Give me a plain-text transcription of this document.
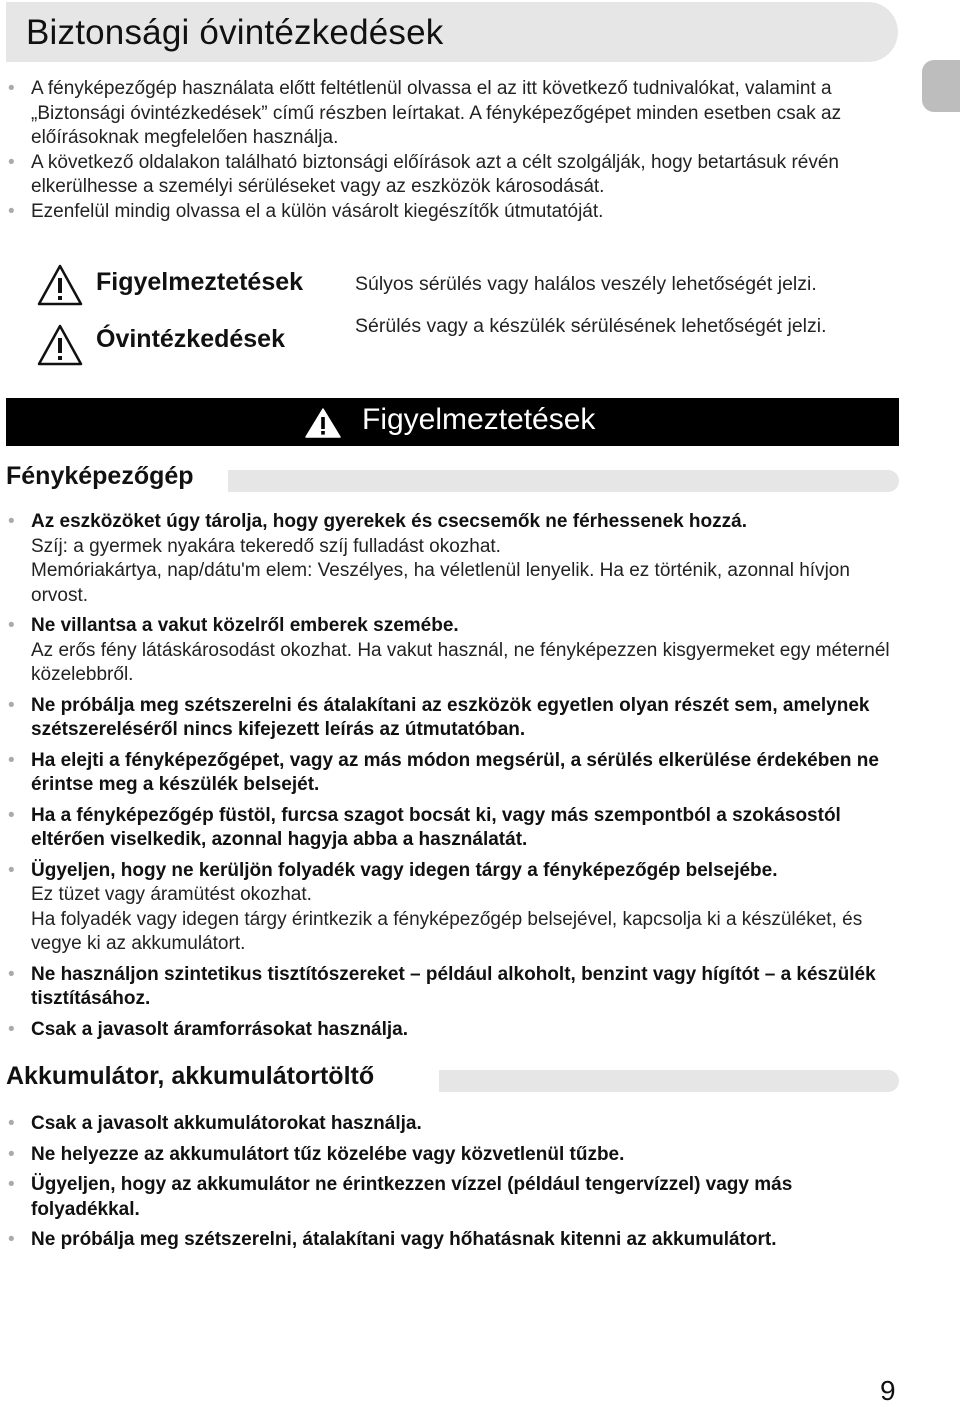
Biztonsági óvintézkedések
• A fényképezőgép használata előtt feltétlenül olvassa el az itt következő tudnivalókat, valamint a „Biztonsági óvintézkedések” című részben leírtakat. A fényképezőgépet minden esetben csak az előírásoknak megfelelően használja.
• A következő oldalakon található biztonsági előírások azt a célt szolgálják, hogy betartásuk révén elkerülhesse a személyi sérüléseket vagy az eszközök károsodását.
• Ezenfelül mindig olvassa el a külön vásárolt kiegészítők útmutatóját.
Figyelmeztetések	Súlyos sérülés vagy halálos veszély lehetőségét jelzi.
Óvintézkedések	Sérülés vagy a készülék sérülésének lehetőségét jelzi.
Figyelmeztetések
Fényképezőgép
• Az eszközöket úgy tárolja, hogy gyerekek és csecsemők ne férhessenek hozzá.
Szíj: a gyermek nyakára tekeredő szíj fulladást okozhat.
Memóriakártya, nap/dátu'm elem: Veszélyes, ha véletlenül lenyelik. Ha ez történik, azonnal hívjon orvost.
• Ne villantsa a vakut közelről emberek szemébe.
Az erős fény látáskárosodást okozhat. Ha vakut használ, ne fényképezzen kisgyermeket egy méternél közelebbről.
• Ne próbálja meg szétszerelni és átalakítani az eszközök egyetlen olyan részét sem, amelynek szétszereléséről nincs kifejezett leírás az útmutatóban.
• Ha elejti a fényképezőgépet, vagy az más módon megsérül, a sérülés elkerülése érdekében ne érintse meg a készülék belsejét.
• Ha a fényképezőgép füstöl, furcsa szagot bocsát ki, vagy más szempontból a szokásostól eltérően viselkedik, azonnal hagyja abba a használatát.
• Ügyeljen, hogy ne kerüljön folyadék vagy idegen tárgy a fényképezőgép belsejébe.
Ez tüzet vagy áramütést okozhat.
Ha folyadék vagy idegen tárgy érintkezik a fényképezőgép belsejével, kapcsolja ki a készüléket, és vegye ki az akkumulátort.
• Ne használjon szintetikus tisztítószereket – például alkoholt, benzint vagy hígítót – a készülék tisztításához.
• Csak a javasolt áramforrásokat használja.
Akkumulátor, akkumulátortöltő
• Csak a javasolt akkumulátorokat használja.
• Ne helyezze az akkumulátort tűz közelébe vagy közvetlenül tűzbe.
• Ügyeljen, hogy az akkumulátor ne érintkezzen vízzel (például tengervízzel) vagy más folyadékkal.
• Ne próbálja meg szétszerelni, átalakítani vagy hőhatásnak kitenni az akkumulátort.
9
